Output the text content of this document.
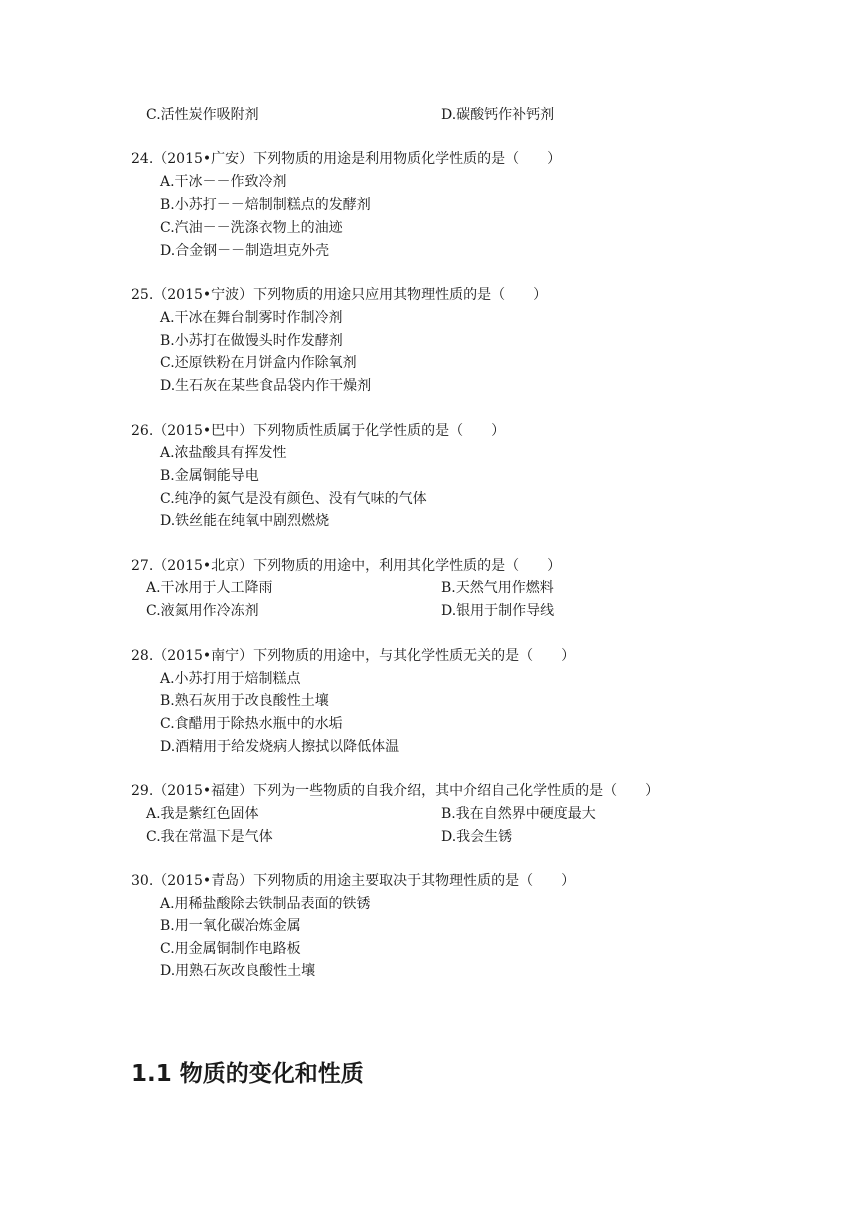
C.活性炭作吸附剂	D.碳酸钙作补钙剂
24.（2015•广安）下列物质的用途是利用物质化学性质的是（　　）
A.干冰－－作致冷剂
B.小苏打－－焙制制糕点的发酵剂
C.汽油－－洗涤衣物上的油迹
D.合金钢－－制造坦克外壳
25.（2015•宁波）下列物质的用途只应用其物理性质的是（　　）
A.干冰在舞台制雾时作制冷剂
B.小苏打在做馒头时作发酵剂
C.还原铁粉在月饼盒内作除氧剂
D.生石灰在某些食品袋内作干燥剂
26.（2015•巴中）下列物质性质属于化学性质的是（　　）
A.浓盐酸具有挥发性
B.金属铜能导电
C.纯净的氮气是没有颜色、没有气味的气体
D.铁丝能在纯氧中剧烈燃烧
27.（2015•北京）下列物质的用途中，利用其化学性质的是（　　）
A.干冰用于人工降雨	B.天然气用作燃料
C.液氮用作冷冻剂	D.银用于制作导线
28.（2015•南宁）下列物质的用途中，与其化学性质无关的是（　　）
A.小苏打用于焙制糕点
B.熟石灰用于改良酸性土壤
C.食醋用于除热水瓶中的水垢
D.酒精用于给发烧病人擦拭以降低体温
29.（2015•福建）下列为一些物质的自我介绍，其中介绍自己化学性质的是（　　）
A.我是紫红色固体	B.我在自然界中硬度最大
C.我在常温下是气体	D.我会生锈
30.（2015•青岛）下列物质的用途主要取决于其物理性质的是（　　）
A.用稀盐酸除去铁制品表面的铁锈
B.用一氧化碳冶炼金属
C.用金属铜制作电路板
D.用熟石灰改良酸性土壤
1.1 物质的变化和性质
